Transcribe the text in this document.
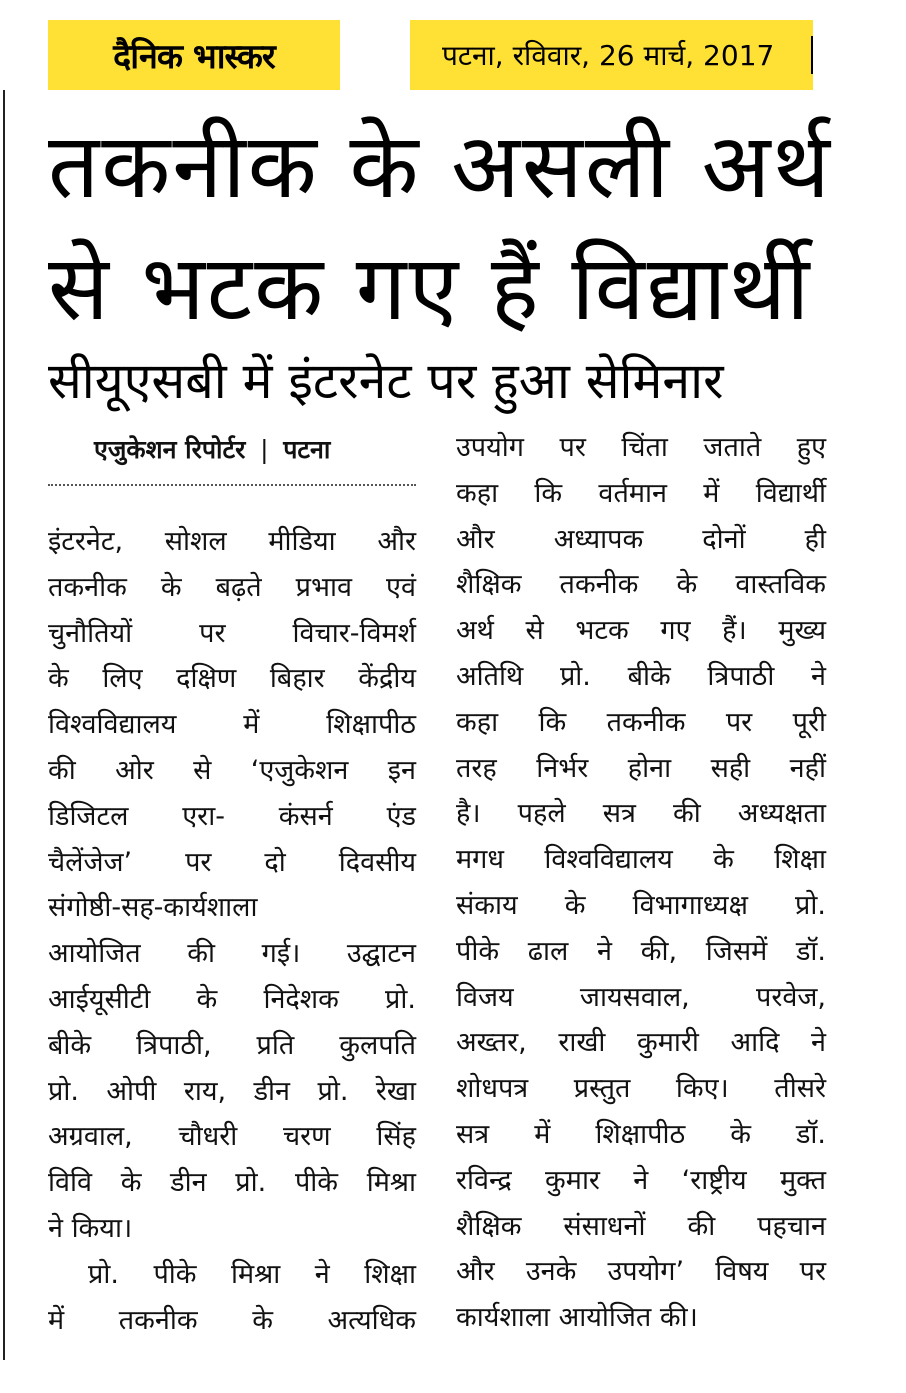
दैनिक भास्कर	पटना, रविवार, 26 मार्च, 2017
तकनीक के असली अर्थ
से भटक गए हैं विद्यार्थी
सीयूएसबी में इंटरनेट पर हुआ सेमिनार
एजुकेशन रिपोर्टर | पटना

इंटरनेट, सोशल मीडिया और

तकनीक के बढ़ते प्रभाव एवं

चुनौतियों पर विचार-विमर्श

के लिए दक्षिण बिहार केंद्रीय

विश्वविद्यालय में शिक्षापीठ

की ओर से ‘एजुकेशन इन

डिजिटल एरा- कंसर्न एंड

चैलेंजेज’ पर दो दिवसीय

संगोष्ठी-सह-कार्यशाला

आयोजित की गई। उद्घाटन

आईयूसीटी के निदेशक प्रो.

बीके त्रिपाठी, प्रति कुलपति

प्रो. ओपी राय, डीन प्रो. रेखा

अग्रवाल, चौधरी चरण सिंह

विवि के डीन प्रो. पीके मिश्रा

ने किया।

प्रो. पीके मिश्रा ने शिक्षा

में तकनीक के अत्यधिक

उपयोग पर चिंता जताते हुए

कहा कि वर्तमान में विद्यार्थी

और अध्यापक दोनों ही

शैक्षिक तकनीक के वास्तविक

अर्थ से भटक गए हैं। मुख्य

अतिथि प्रो. बीके त्रिपाठी ने

कहा कि तकनीक पर पूरी

तरह निर्भर होना सही नहीं

है। पहले सत्र की अध्यक्षता

मगध विश्वविद्यालय के शिक्षा

संकाय के विभागाध्यक्ष प्रो.

पीके ढाल ने की, जिसमें डॉ.

विजय जायसवाल, परवेज,

अख्तर, राखी कुमारी आदि ने

शोधपत्र प्रस्तुत किए। तीसरे

सत्र में शिक्षापीठ के डॉ.

रविन्द्र कुमार ने ‘राष्ट्रीय मुक्त

शैक्षिक संसाधनों की पहचान

और उनके उपयोग’ विषय पर

कार्यशाला आयोजित की।
